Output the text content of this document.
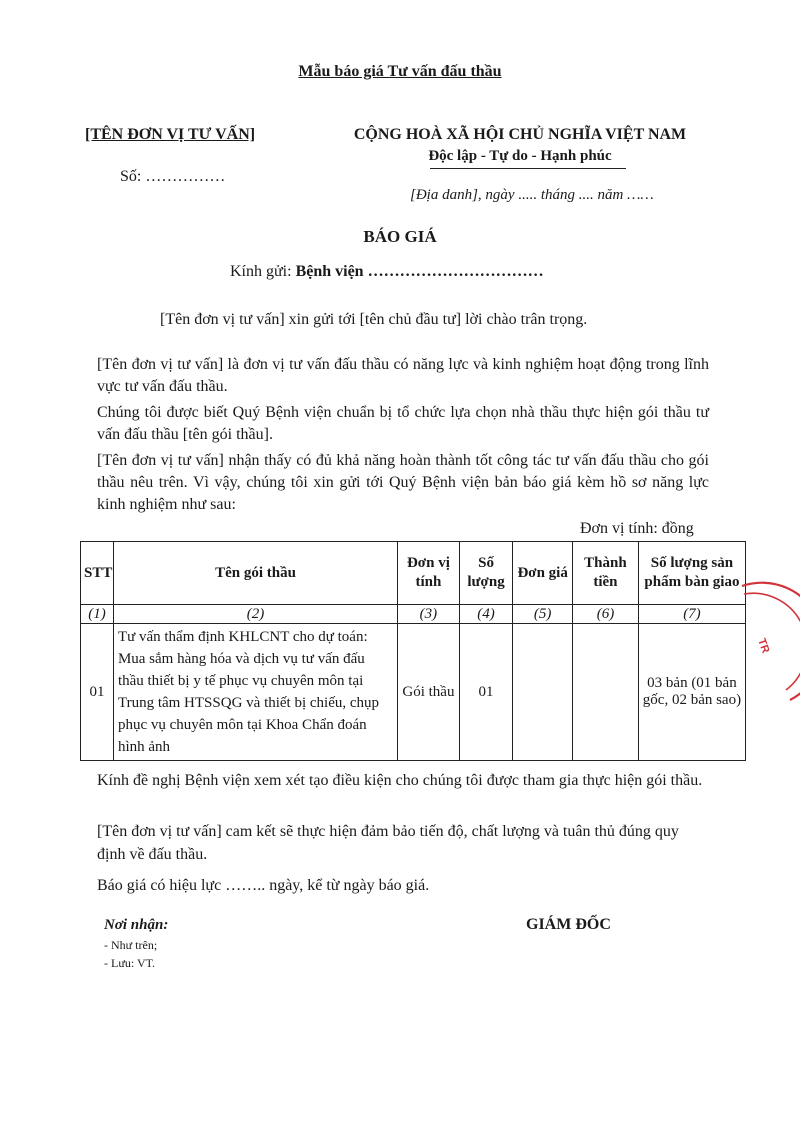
Mẫu báo giá Tư vấn đấu thầu
[TÊN ĐƠN VỊ TƯ VẤN]	CỘNG HOÀ XÃ HỘI CHỦ NGHĨA VIỆT NAM
Độc lập - Tự do - Hạnh phúc
Số: ……………
[Địa danh], ngày ..... tháng .... năm ……
BÁO GIÁ
Kính gửi: Bệnh viện ……………………………
[Tên đơn vị tư vấn] xin gửi tới [tên chủ đầu tư] lời chào trân trọng.
[Tên đơn vị tư vấn] là đơn vị tư vấn đấu thầu có năng lực và kinh nghiệm hoạt động trong lĩnh vực tư vấn đấu thầu.
Chúng tôi được biết Quý Bệnh viện chuẩn bị tổ chức lựa chọn nhà thầu thực hiện gói thầu tư vấn đấu thầu [tên gói thầu].
[Tên đơn vị tư vấn] nhận thấy có đủ khả năng hoàn thành tốt công tác tư vấn đấu thầu cho gói thầu nêu trên. Vì vậy, chúng tôi xin gửi tới Quý Bệnh viện bản báo giá kèm hồ sơ năng lực kinh nghiệm như sau:
Đơn vị tính: đồng
STT	Tên gói thầu	Đơn vị tính	Số lượng	Đơn giá	Thành tiền	Số lượng sản phẩm bàn giao
(1)	(2)	(3)	(4)	(5)	(6)	(7)
01	Tư vấn thẩm định KHLCNT cho dự toán: Mua sắm hàng hóa và dịch vụ tư vấn đấu thầu thiết bị y tế phục vụ chuyên môn tại Trung tâm HTSSQG và thiết bị chiếu, chụp phục vụ chuyên môn tại Khoa Chẩn đoán hình ảnh	Gói thầu	01			03 bản (01 bản gốc, 02 bản sao)
TR
Kính đề nghị Bệnh viện xem xét tạo điều kiện cho chúng tôi được tham gia thực hiện gói thầu.
[Tên đơn vị tư vấn] cam kết sẽ thực hiện đảm bảo tiến độ, chất lượng và tuân thủ đúng quy định về đấu thầu.
Báo giá có hiệu lực …….. ngày, kể từ ngày báo giá.
Nơi nhận:
- Như trên;
- Lưu: VT.
GIÁM ĐỐC
